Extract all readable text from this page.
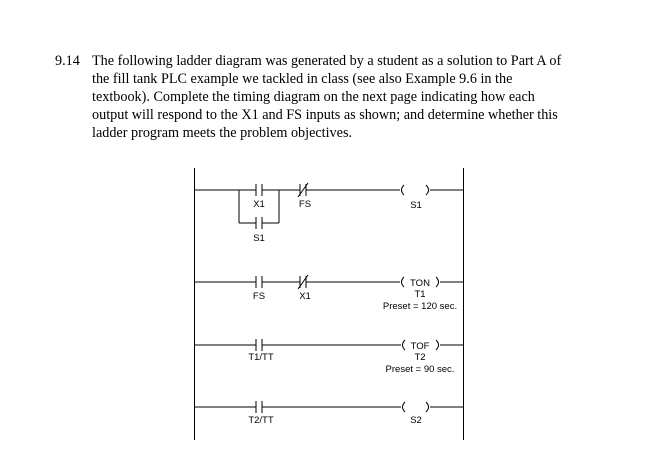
9.14 The following ladder diagram was generated by a student as a solution to Part A of
the fill tank PLC example we tackled in class (see also Example 9.6 in the
textbook). Complete the timing diagram on the next page indicating how each
output will respond to the X1 and FS inputs as shown; and determine whether this
ladder program meets the problem objectives.
X1	FS	S1
S1
TON
FS	X1	T1
Preset = 120 sec.
TOF
T1/TT	T2
Preset = 90 sec.
T2/TT	S2
